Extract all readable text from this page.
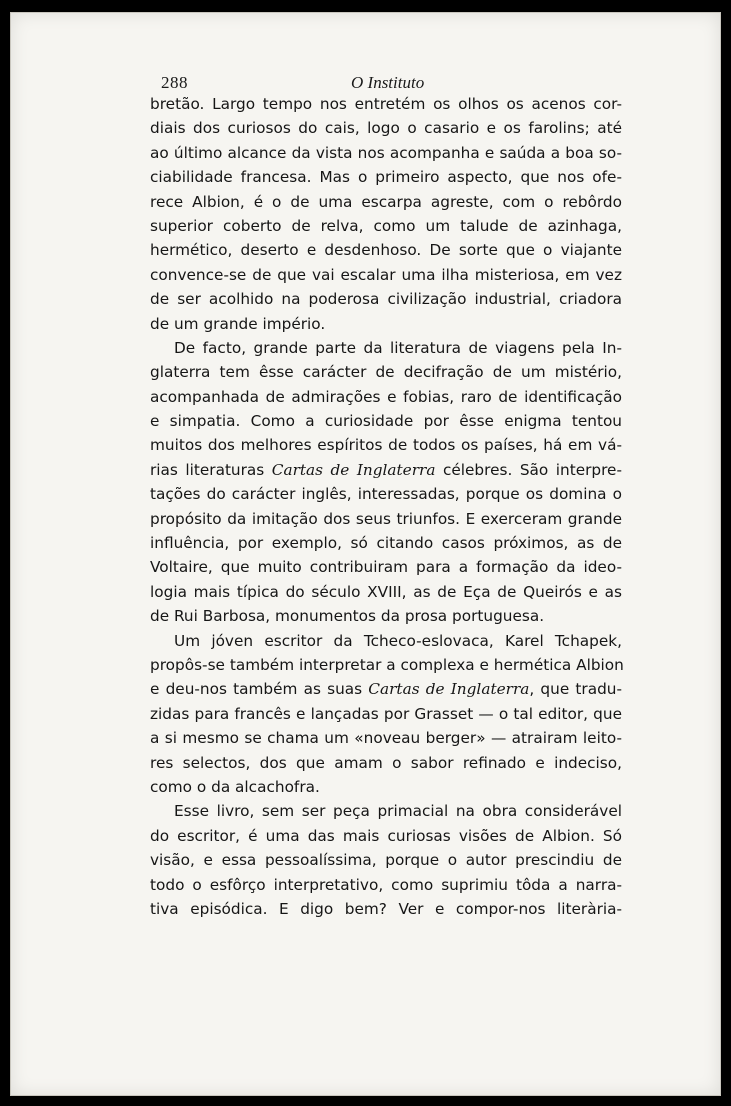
288	O Instituto
bretão. Largo tempo nos entretém os olhos os acenos cor-
diais dos curiosos do cais, logo o casario e os farolins; até
ao último alcance da vista nos acompanha e saúda a boa so-
ciabilidade francesa. Mas o primeiro aspecto, que nos ofe-
rece Albion, é o de uma escarpa agreste, com o rebôrdo
superior coberto de relva, como um talude de azinhaga,
hermético, deserto e desdenhoso. De sorte que o viajante
convence-se de que vai escalar uma ilha misteriosa, em vez
de ser acolhido na poderosa civilização industrial, criadora
de um grande império.
De facto, grande parte da literatura de viagens pela In-
glaterra tem êsse carácter de decifração de um mistério,
acompanhada de admirações e fobias, raro de identificação
e simpatia. Como a curiosidade por êsse enigma tentou
muitos dos melhores espíritos de todos os países, há em vá-
rias literaturas Cartas de Inglaterra célebres. São interpre-
tações do carácter inglês, interessadas, porque os domina o
propósito da imitação dos seus triunfos. E exerceram grande
influência, por exemplo, só citando casos próximos, as de
Voltaire, que muito contribuiram para a formação da ideo-
logia mais típica do século XVIII, as de Eça de Queirós e as
de Rui Barbosa, monumentos da prosa portuguesa.
Um jóven escritor da Tcheco-eslovaca, Karel Tchapek,
propôs-se também interpretar a complexa e hermética Albion
e deu-nos também as suas Cartas de Inglaterra, que tradu-
zidas para francês e lançadas por Grasset — o tal editor, que
a si mesmo se chama um «noveau berger» — atrairam leito-
res selectos, dos que amam o sabor refinado e indeciso,
como o da alcachofra.
Esse livro, sem ser peça primacial na obra considerável
do escritor, é uma das mais curiosas visões de Albion. Só
visão, e essa pessoalíssima, porque o autor prescindiu de
todo o esfôrço interpretativo, como suprimiu tôda a narra-
tiva episódica. E digo bem? Ver e compor-nos literària-
